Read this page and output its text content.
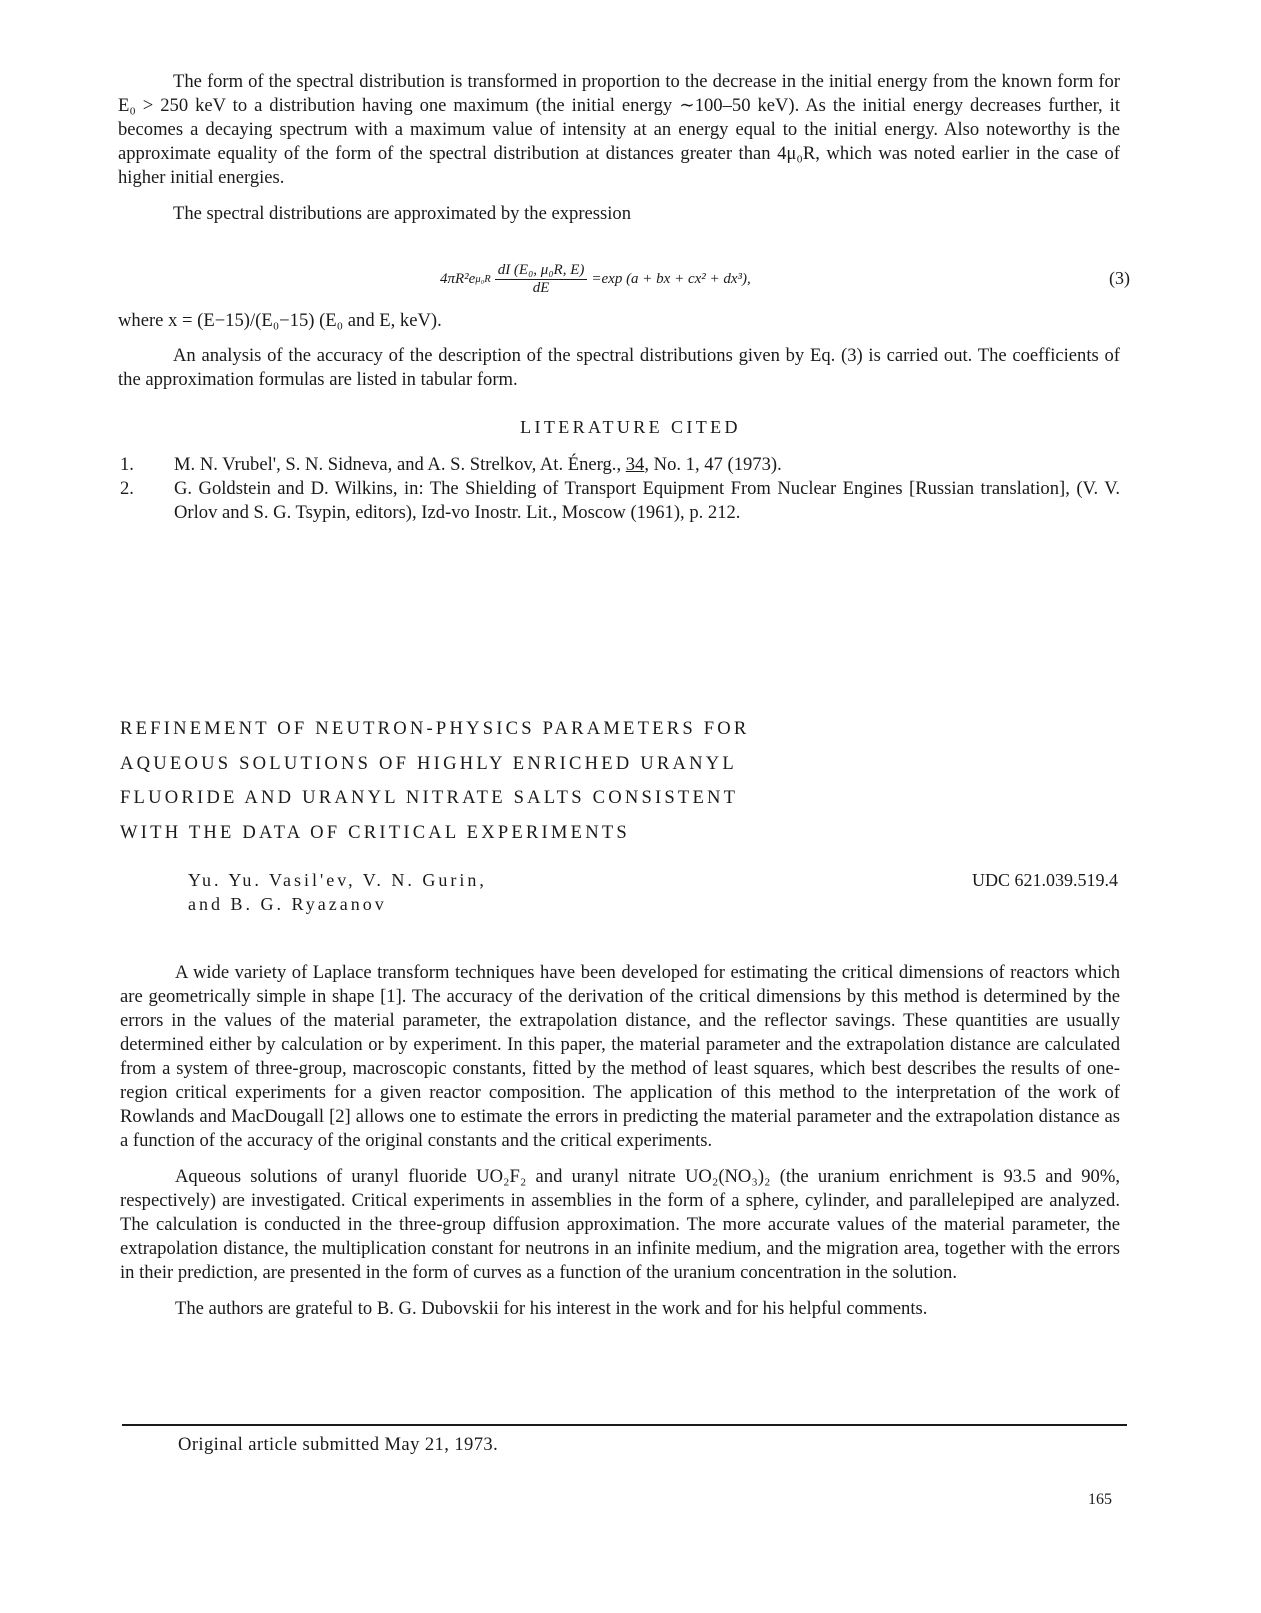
The form of the spectral distribution is transformed in proportion to the decrease in the initial energy from the known form for E₀ > 250 keV to a distribution having one maximum (the initial energy ∼100–50 keV). As the initial energy decreases further, it becomes a decaying spectrum with a maximum value of intensity at an energy equal to the initial energy. Also noteworthy is the approximate equality of the form of the spectral distribution at distances greater than 4μ₀R, which was noted earlier in the case of higher initial energies.

The spectral distributions are approximated by the expression

4πR²e $\mu_0R \frac{\text{dI (E₀, μ₀R, E)}}{dE} =\exp$ (a + bx + cx² + dx³),	(3)

where x = (E−15)/(E₀−15) (E₀ and E, keV).

An analysis of the accuracy of the description of the spectral distributions given by Eq. (3) is carried out. The coefficients of the approximation formulas are listed in tabular form.

LITERATURE CITED
1. M. N. Vrubel', S. N. Sidneva, and A. S. Strelkov, At. Énerg., 34, No. 1, 47 (1973).
2. G. Goldstein and D. Wilkins, in: The Shielding of Transport Equipment From Nuclear Engines [Russian translation], (V. V. Orlov and S. G. Tsypin, editors), Izd-vo Inostr. Lit., Moscow (1961), p. 212.
REFINEMENT OF NEUTRON-PHYSICS PARAMETERS FOR
AQUEOUS SOLUTIONS OF HIGHLY ENRICHED URANYL
FLUORIDE AND URANYL NITRATE SALTS CONSISTENT
WITH THE DATA OF CRITICAL EXPERIMENTS
Yu. Yu. Vasil'ev, V. N. Gurin,
and B. G. Ryazanov
UDC 621.039.519.4

A wide variety of Laplace transform techniques have been developed for estimating the critical dimensions of reactors which are geometrically simple in shape [1]. The accuracy of the derivation of the critical dimensions by this method is determined by the errors in the values of the material parameter, the extrapolation distance, and the reflector savings. These quantities are usually determined either by calculation or by experiment. In this paper, the material parameter and the extrapolation distance are calculated from a system of three-group, macroscopic constants, fitted by the method of least squares, which best describes the results of one-region critical experiments for a given reactor composition. The application of this method to the interpretation of the work of Rowlands and MacDougall [2] allows one to estimate the errors in predicting the material parameter and the extrapolation distance as a function of the accuracy of the original constants and the critical experiments.

Aqueous solutions of uranyl fluoride UO₂F₂ and uranyl nitrate UO₂(NO₃)₂ (the uranium enrichment is 93.5 and 90%, respectively) are investigated. Critical experiments in assemblies in the form of a sphere, cylinder, and parallelepiped are analyzed. The calculation is conducted in the three-group diffusion approximation. The more accurate values of the material parameter, the extrapolation distance, the multiplication constant for neutrons in an infinite medium, and the migration area, together with the errors in their prediction, are presented in the form of curves as a function of the uranium concentration in the solution.

The authors are grateful to B. G. Dubovskii for his interest in the work and for his helpful comments.

Original article submitted May 21, 1973.
165
